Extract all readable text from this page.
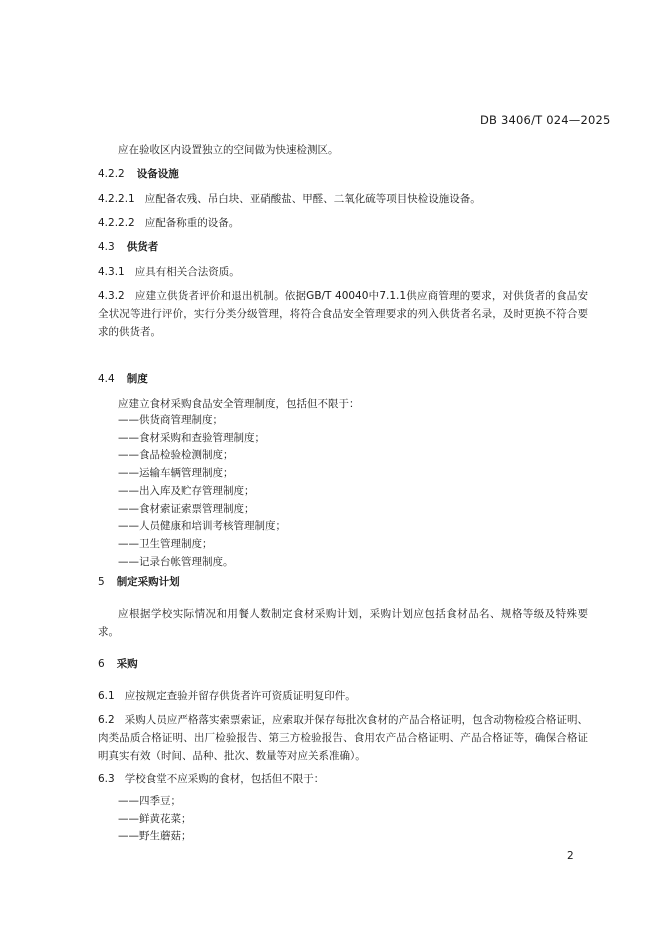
DB 3406/T 024—2025
应在验收区内设置独立的空间做为快速检测区。
4.2.2 设备设施
4.2.2.1 应配备农残、吊白块、亚硝酸盐、甲醛、二氧化硫等项目快检设施设备。
4.2.2.2 应配备称重的设备。
4.3 供货者
4.3.1 应具有相关合法资质。
4.3.2 应建立供货者评价和退出机制。依据GB/T 40040中7.1.1供应商管理的要求，对供货者的食品安全状况等进行评价，实行分类分级管理，将符合食品安全管理要求的列入供货者名录，及时更换不符合要求的供货者。
4.4 制度
应建立食材采购食品安全管理制度，包括但不限于：
——供货商管理制度；
——食材采购和查验管理制度；
——食品检验检测制度；
——运输车辆管理制度；
——出入库及贮存管理制度；
——食材索证索票管理制度；
——人员健康和培训考核管理制度；
——卫生管理制度；
——记录台帐管理制度。
5 制定采购计划
应根据学校实际情况和用餐人数制定食材采购计划，采购计划应包括食材品名、规格等级及特殊要求。
6 采购
6.1 应按规定查验并留存供货者许可资质证明复印件。
6.2 采购人员应严格落实索票索证，应索取并保存每批次食材的产品合格证明，包含动物检疫合格证明、肉类品质合格证明、出厂检验报告、第三方检验报告、食用农产品合格证明、产品合格证等，确保合格证明真实有效（时间、品种、批次、数量等对应关系准确）。
6.3 学校食堂不应采购的食材，包括但不限于：
——四季豆；
——鲜黄花菜；
——野生蘑菇；
2
